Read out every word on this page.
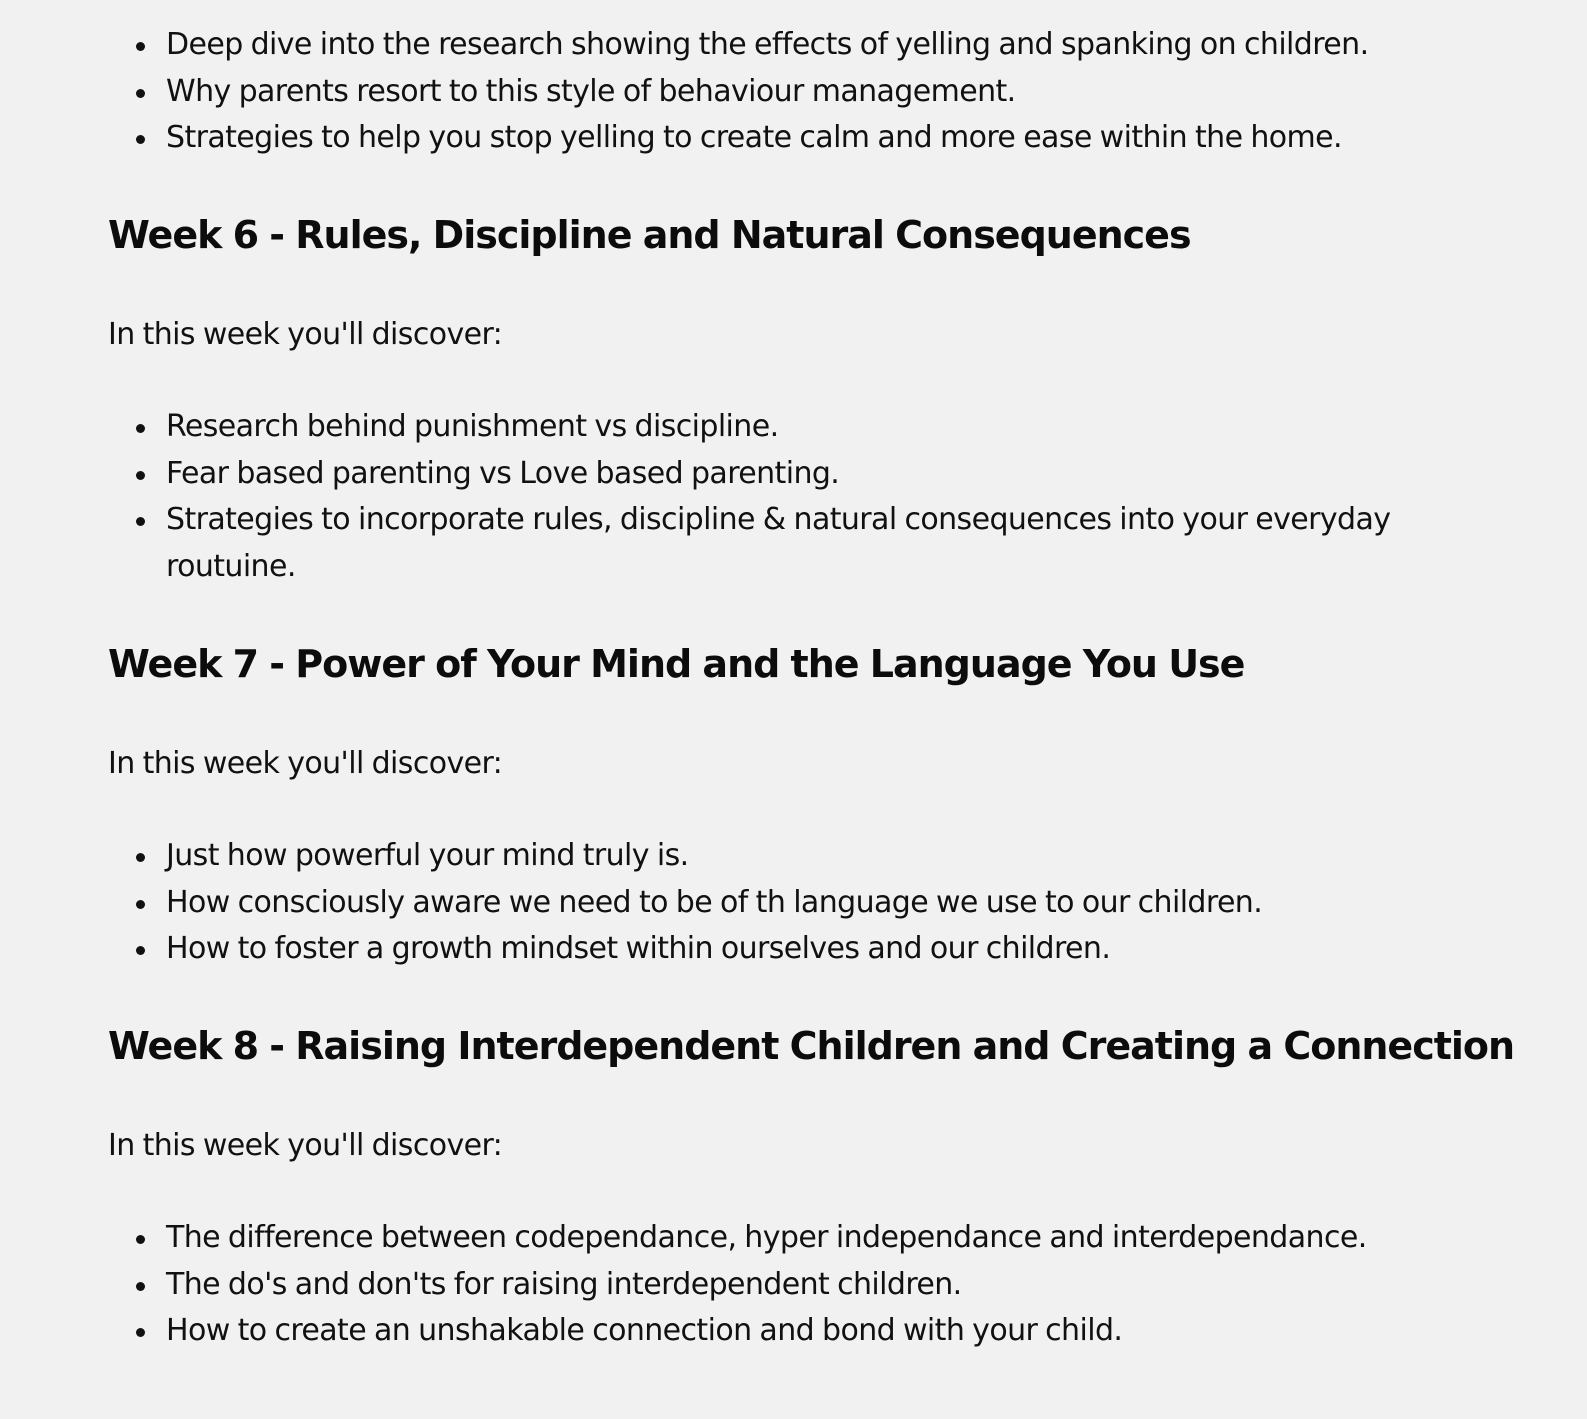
Deep dive into the research showing the effects of yelling and spanking on children.
Why parents resort to this style of behaviour management.
Strategies to help you stop yelling to create calm and more ease within the home.
Week 6 - Rules, Discipline and Natural Consequences

In this week you'll discover:

Research behind punishment vs discipline.
Fear based parenting vs Love based parenting.
Strategies to incorporate rules, discipline & natural consequences into your everyday routuine.
Week 7 - Power of Your Mind and the Language You Use

In this week you'll discover:

Just how powerful your mind truly is.
How consciously aware we need to be of th language we use to our children.
How to foster a growth mindset within ourselves and our children.
Week 8 - Raising Interdependent Children and Creating a Connection

In this week you'll discover:

The difference between codependance, hyper independance and interdependance.
The do's and don'ts for raising interdependent children.
How to create an unshakable connection and bond with your child.
